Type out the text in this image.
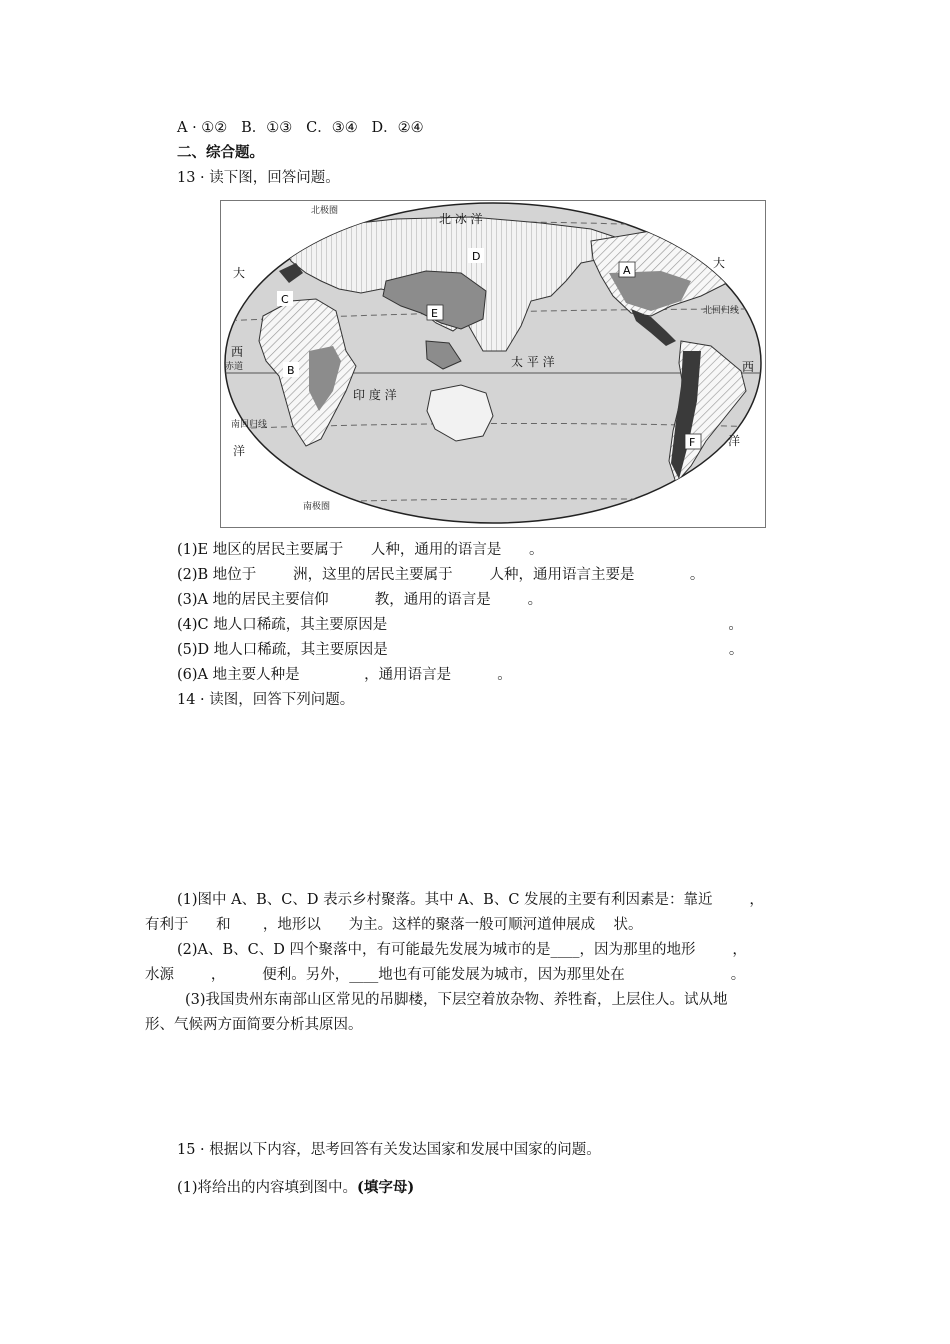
A · ①②   B．①③   C．③④   D．②④
二、综合题。
13 · 读下图，回答问题。
北 冰 洋
太 平 洋
印 度 洋
大
西
洋
大
西
洋
北极圈
北回归线
赤道
南回归线
南极圈
A
B
C
D
E
F
(1)E 地区的居民主要属于      人种，通用的语言是      。
(2)B 地位于        洲，这里的居民主要属于        人种，通用语言主要是            。
(3)A 地的居民主要信仰          教，通用的语言是        。
(4)C 地人口稀疏，其主要原因是                                                                          。
(5)D 地人口稀疏，其主要原因是                                                                          。
(6)A 地主要人种是              ，通用语言是          。
14 · 读图，回答下列问题。
(1)图中 A、B、C、D 表示乡村聚落。其中 A、B、C 发展的主要有利因素是：靠近        ，
有利于      和       ，地形以      为主。这样的聚落一般可顺河道伸展成    状。
(2)A、B、C、D 四个聚落中，有可能最先发展为城市的是____，因为那里的地形        ，
水源        ，        便利。另外，____地也有可能发展为城市，因为那里处在                       。
(3)我国贵州东南部山区常见的吊脚楼，下层空着放杂物、养牲畜，上层住人。试从地
形、气候两方面简要分析其原因。
15 · 根据以下内容，思考回答有关发达国家和发展中国家的问题。
(1)将给出的内容填到图中。(填字母)
